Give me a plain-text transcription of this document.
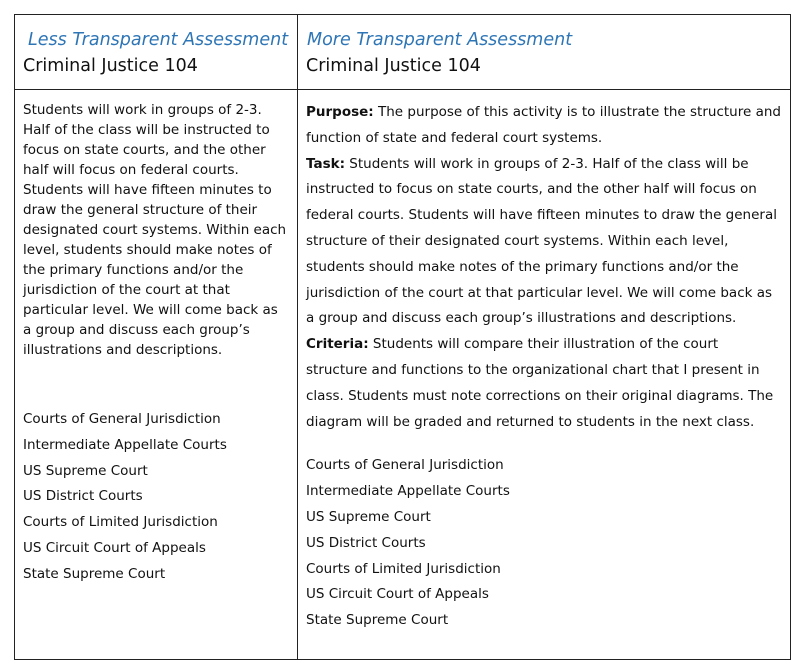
Less Transparent Assessment
Criminal Justice 104
More Transparent Assessment
Criminal Justice 104

Students will work in groups of 2-3. Half of the class will be instructed to focus on state courts, and the other half will focus on federal courts. Students will have fifteen minutes to draw the general structure of their designated court systems. Within each level, students should make notes of the primary functions and/or the jurisdiction of the court at that particular level. We will come back as a group and discuss each group’s illustrations and descriptions.

Courts of General Jurisdiction
Intermediate Appellate Courts
US Supreme Court
US District Courts
Courts of Limited Jurisdiction
US Circuit Court of Appeals
State Supreme Court

Purpose: The purpose of this activity is to illustrate the structure and function of state and federal court systems.

Task: Students will work in groups of 2-3. Half of the class will be instructed to focus on state courts, and the other half will focus on federal courts. Students will have fifteen minutes to draw the general structure of their designated court systems. Within each level, students should make notes of the primary functions and/or the jurisdiction of the court at that particular level. We will come back as a group and discuss each group’s illustrations and descriptions.

Criteria: Students will compare their illustration of the court structure and functions to the organizational chart that I present in class. Students must note corrections on their original diagrams. The diagram will be graded and returned to students in the next class.

Courts of General Jurisdiction
Intermediate Appellate Courts
US Supreme Court
US District Courts
Courts of Limited Jurisdiction
US Circuit Court of Appeals
State Supreme Court
